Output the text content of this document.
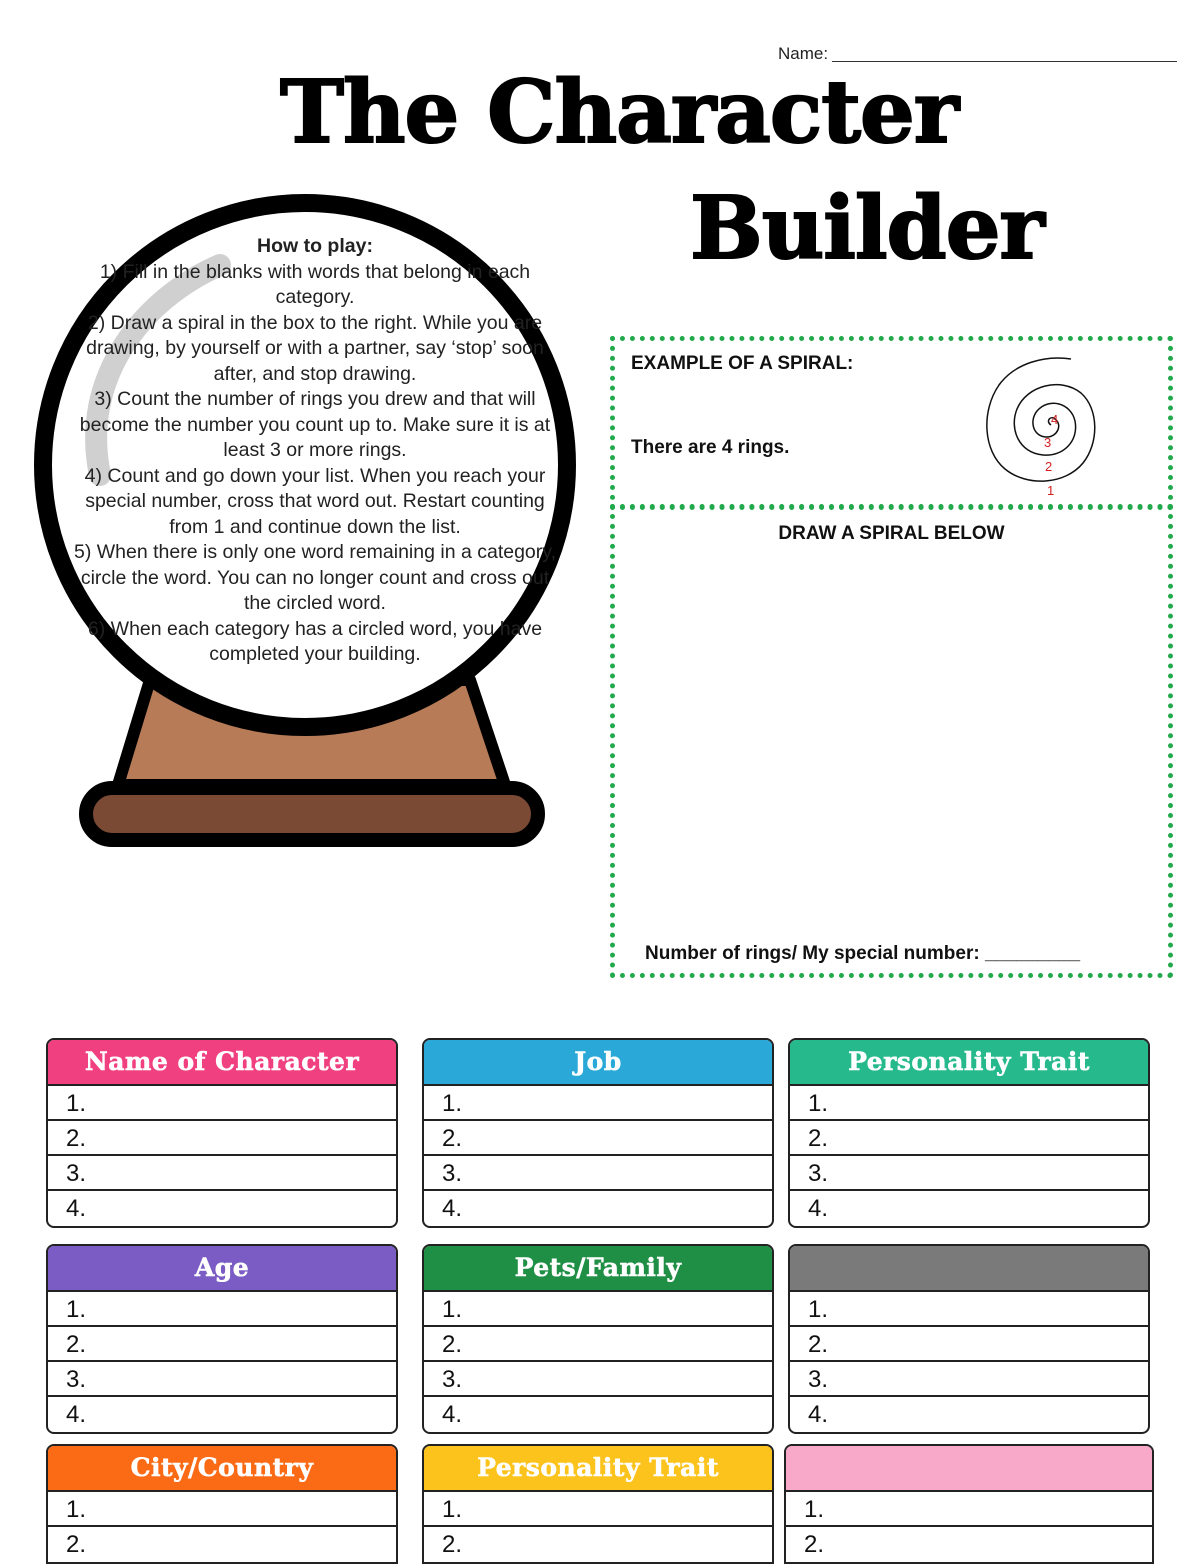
Name:
The Character
Builder
How to play:
1) Fill in the blanks with words that belong in each category.
2) Draw a spiral in the box to the right. While you are drawing, by yourself or with a partner, say ‘stop’ soon after, and stop drawing.
3) Count the number of rings you drew and that will become the number you count up to. Make sure it is at least 3 or more rings.
4) Count and go down your list. When you reach your special number, cross that word out. Restart counting from 1 and continue down the list.
5) When there is only one word remaining in a category, circle the word. You can no longer count and cross out the circled word.
6) When each category has a circled word, you have completed your building.
EXAMPLE OF A SPIRAL:
There are 4 rings.
4
3
2
1
DRAW A SPIRAL BELOW
Number of rings/ My special number: _________
Name of Character
1.
2.
3.
4.
Job
1.
2.
3.
4.
Personality Trait
1.
2.
3.
4.
Age
1.
2.
3.
4.
Pets/Family
1.
2.
3.
4.
1.
2.
3.
4.
City/Country
1.
2.
Personality Trait
1.
2.
1.
2.
